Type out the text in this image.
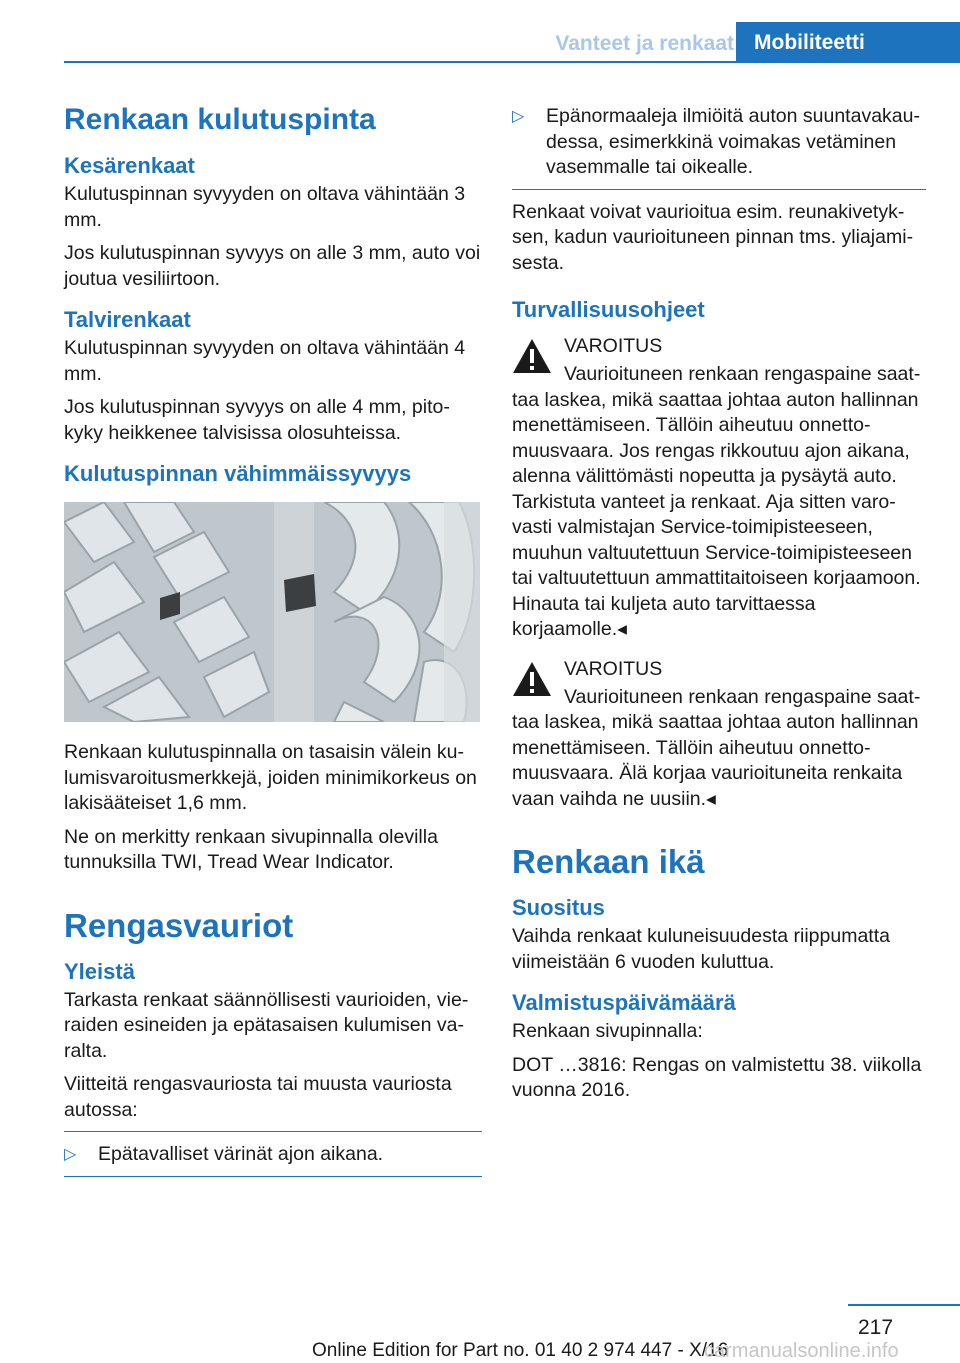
Vanteet ja renkaat Mobiliteetti
Renkaan kulutuspinta
Kesärenkaat

Kulutuspinnan syvyyden on oltava vähintään 3 mm.

Jos kulutuspinnan syvyys on alle 3 mm, auto voi joutua vesiliirtoon.

Talvirenkaat

Kulutuspinnan syvyyden on oltava vähintään 4 mm.

Jos kulutuspinnan syvyys on alle 4 mm, pitokyky heikkenee talvisissa olosuhteissa.

Kulutuspinnan vähimmäissyvyys

Renkaan kulutuspinnalla on tasaisin välein kulumisvaroitusmerkkejä, joiden minimikorkeus on lakisääteiset 1,6 mm.

Ne on merkitty renkaan sivupinnalla olevilla tunnuksilla TWI, Tread Wear Indicator.

Rengasvauriot
Yleistä

Tarkasta renkaat säännöllisesti vaurioiden, vieraiden esineiden ja epätasaisen kulumisen varalta.

Viitteitä rengasvauriosta tai muusta vauriosta autossa:

▷ Epätavalliset värinät ajon aikana.
▷ Epänormaaleja ilmiöitä auton suuntavakaudessa, esimerkkinä voimakas vetäminen vasemmalle tai oikealle.

Renkaat voivat vaurioitua esim. reunakivetyksen, kadun vaurioituneen pinnan tms. yliajamisesta.

Turvallisuusohjeet
VAROITUS

Vaurioituneen renkaan rengaspaine saattaa laskea, mikä saattaa johtaa auton hallinnan menettämiseen. Tällöin aiheutuu onnettomuusvaara. Jos rengas rikkoutuu ajon aikana, alenna välittömästi nopeutta ja pysäytä auto. Tarkistuta vanteet ja renkaat. Aja sitten varovasti valmistajan Service-toimipisteeseen, muuhun valtuutettuun Service-toimipisteeseen tai valtuutettuun ammattitaitoiseen korjaamoon. Hinauta tai kuljeta auto tarvittaessa korjaamolle.◂

VAROITUS

Vaurioituneen renkaan rengaspaine saattaa laskea, mikä saattaa johtaa auton hallinnan menettämiseen. Tällöin aiheutuu onnettomuusvaara. Älä korjaa vaurioituneita renkaita vaan vaihda ne uusiin.◂

Renkaan ikä
Suositus

Vaihda renkaat kuluneisuudesta riippumatta viimeistään 6 vuoden kuluttua.

Valmistuspäivämäärä

Renkaan sivupinnalla:

DOT …3816: Rengas on valmistettu 38. viikolla vuonna 2016.

217
Online Edition for Part no. 01 40 2 974 447 - X/16
carmanualsonline.info
